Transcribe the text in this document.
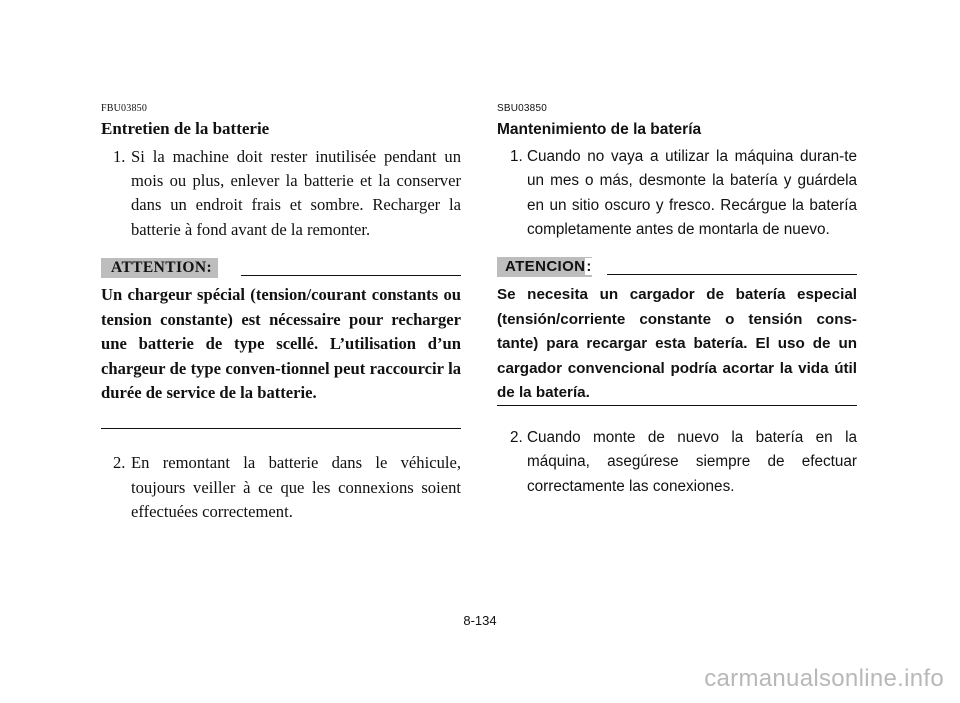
FBU03850
Entretien de la batterie
1. Si la machine doit rester inutilisée pendant un mois ou plus, enlever la batterie et la conserver dans un endroit frais et sombre. Recharger la batterie à fond avant de la remonter.
ATTENTION:
Un chargeur spécial (tension/courant constants ou tension constante) est nécessaire pour recharger une batterie de type scellé. L’utilisation d’un chargeur de type conven-tionnel peut raccourcir la durée de service de la batterie.
2. En remontant la batterie dans le véhicule, toujours veiller à ce que les connexions soient effectuées correctement.
SBU03850
Mantenimiento de la batería
1. Cuando no vaya a utilizar la máquina duran-te un mes o más, desmonte la batería y guárdela en un sitio oscuro y fresco. Recárgue la batería completamente antes de montarla de nuevo.
ATENCION:
Se necesita un cargador de batería especial (tensión/corriente constante o tensión cons-tante) para recargar esta batería. El uso de un cargador convencional podría acortar la vida útil de la batería.
2. Cuando monte de nuevo la batería en la máquina, asegúrese siempre de efectuar correctamente las conexiones.
8-134
carmanualsonline.info
